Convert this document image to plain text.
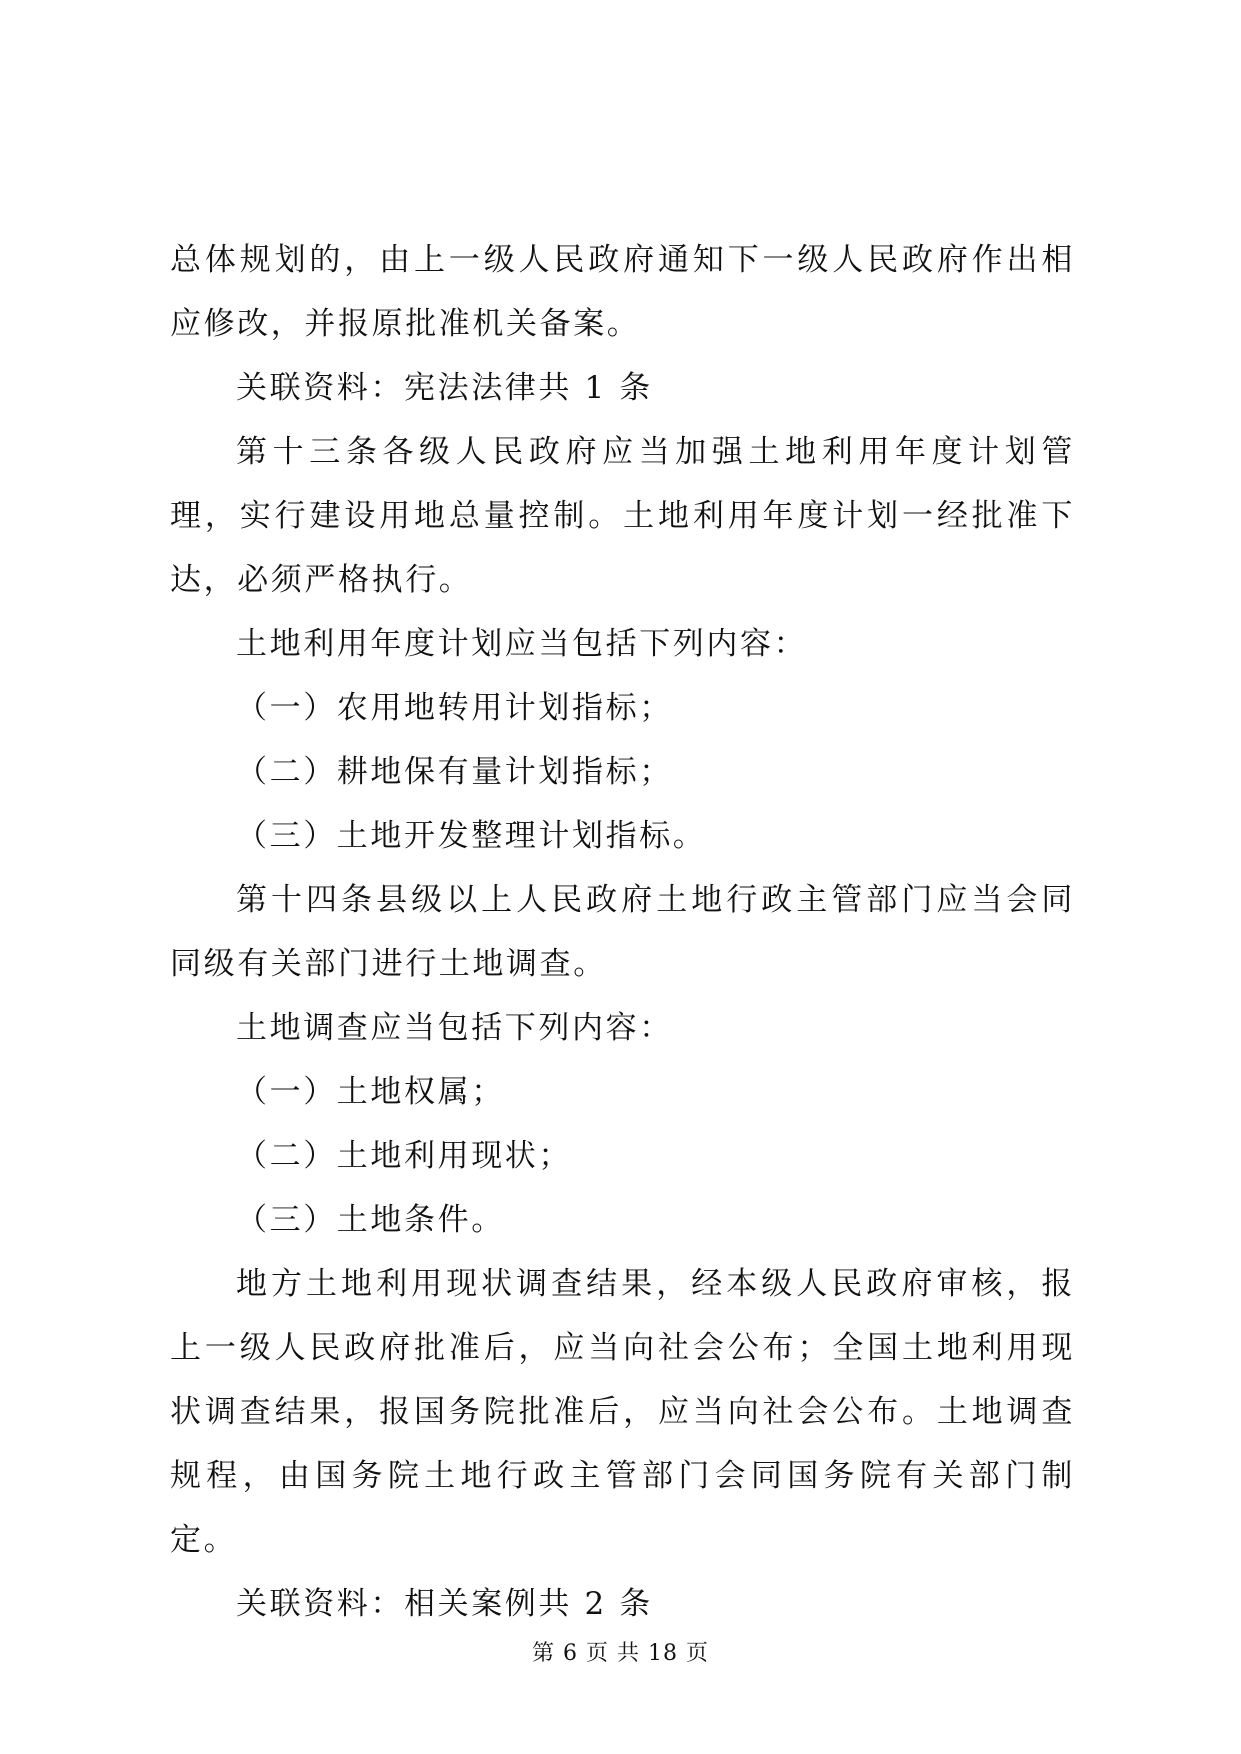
总体规划的，由上一级人民政府通知下一级人民政府作出相应修改，并报原批准机关备案。

关联资料：宪法法律共 1 条

第十三条各级人民政府应当加强土地利用年度计划管理，实行建设用地总量控制。土地利用年度计划一经批准下达，必须严格执行。

土地利用年度计划应当包括下列内容：

（一）农用地转用计划指标；

（二）耕地保有量计划指标；

（三）土地开发整理计划指标。

第十四条县级以上人民政府土地行政主管部门应当会同同级有关部门进行土地调查。

土地调查应当包括下列内容：

（一）土地权属；

（二）土地利用现状；

（三）土地条件。

地方土地利用现状调查结果，经本级人民政府审核，报上一级人民政府批准后，应当向社会公布；全国土地利用现状调查结果，报国务院批准后，应当向社会公布。土地调查规程，由国务院土地行政主管部门会同国务院有关部门制定。

关联资料：相关案例共 2 条

第 6 页 共 18 页
